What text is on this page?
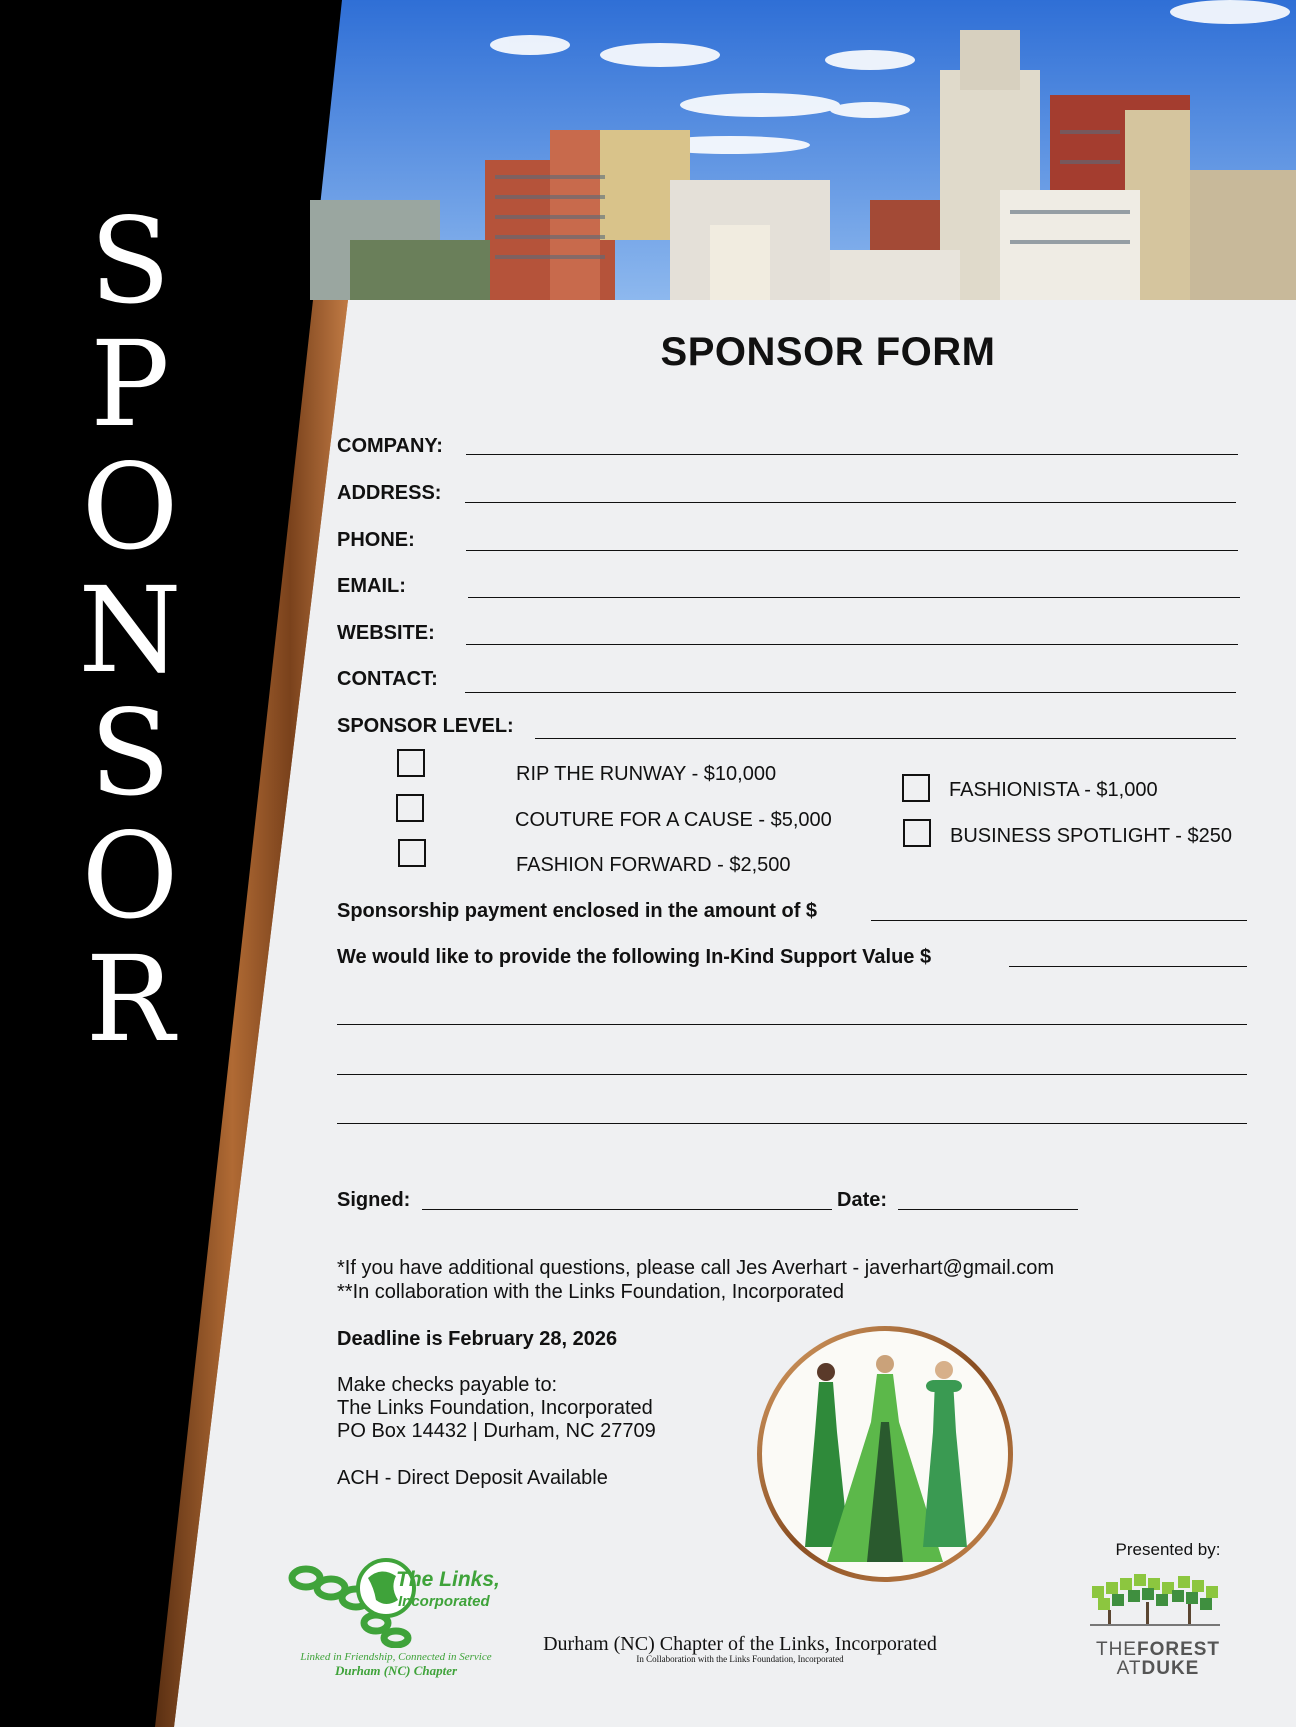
S
P
O
N
S
O
R
SPONSOR FORM
COMPANY:
ADDRESS:
PHONE:
EMAIL:
WEBSITE:
CONTACT:
SPONSOR LEVEL:
RIP THE RUNWAY - $10,000
COUTURE FOR A CAUSE - $5,000
FASHION FORWARD - $2,500
FASHIONISTA - $1,000
BUSINESS SPOTLIGHT - $250
Sponsorship payment enclosed in the amount of $
We would like to provide the following In-Kind Support Value $
Signed:	Date:
*If you have additional questions, please call Jes Averhart - javerhart@gmail.com
**In collaboration with the Links Foundation, Incorporated
Deadline is February 28, 2026
Make checks payable to:
The Links Foundation, Incorporated
PO Box 14432 | Durham, NC 27709
ACH - Direct Deposit Available
The Links,
Incorporated
Linked in Friendship, Connected in Service
Durham (NC) Chapter
Durham (NC) Chapter of the Links, Incorporated
In Collaboration with the Links Foundation, Incorporated
Presented by:
THEFOREST
ATDUKE
